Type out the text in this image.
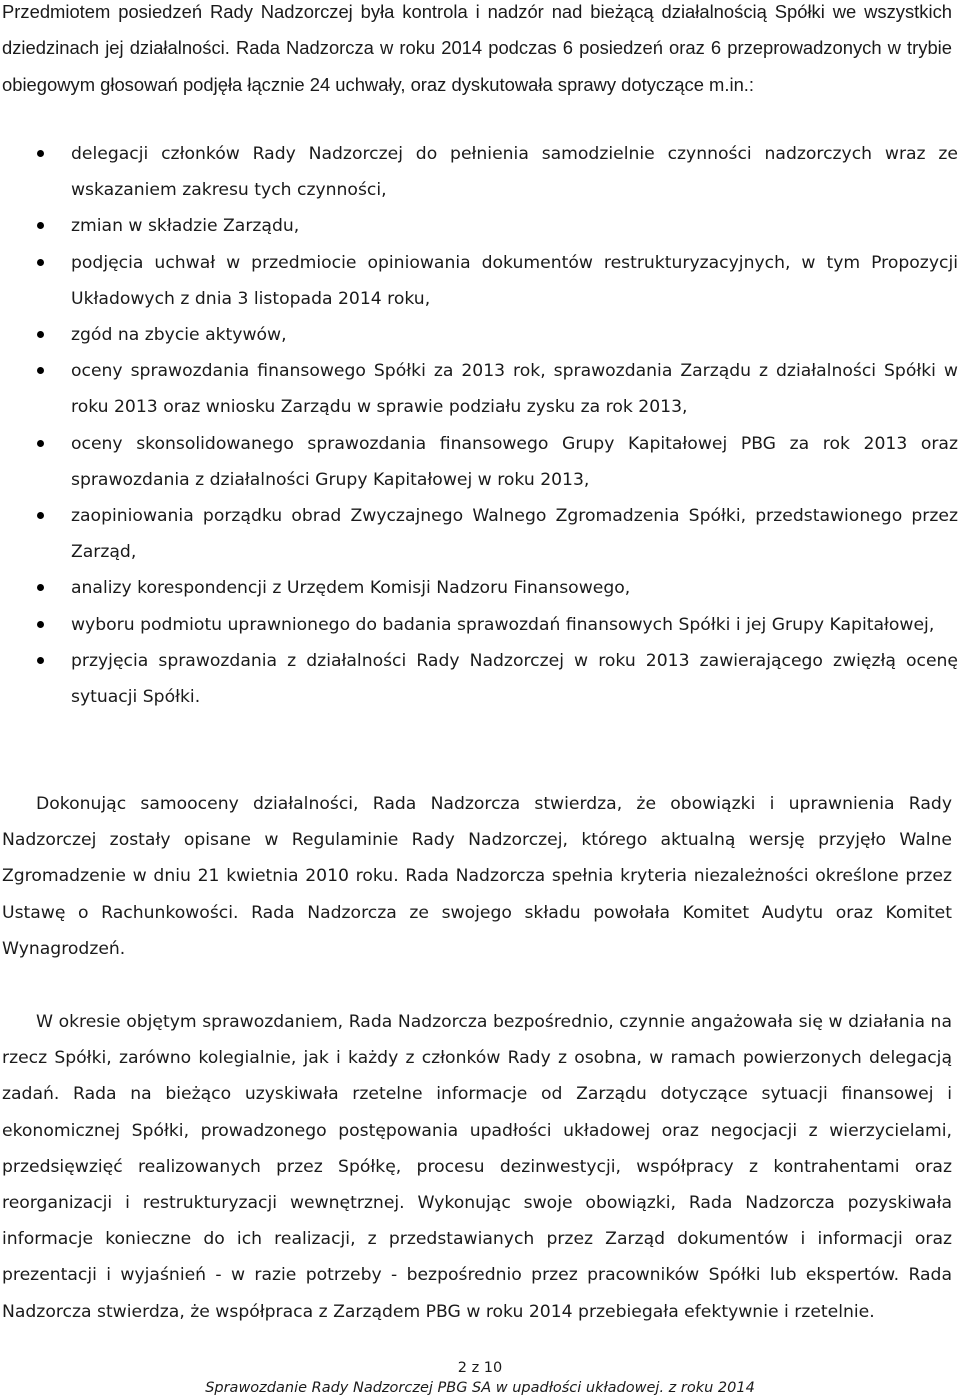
Przedmiotem posiedzeń Rady Nadzorczej była kontrola i nadzór nad bieżącą działalnością Spółki we wszystkich dziedzinach jej działalności. Rada Nadzorcza w roku 2014 podczas 6 posiedzeń oraz 6 przeprowadzonych w trybie obiegowym głosowań podjęła łącznie 24 uchwały, oraz dyskutowała sprawy dotyczące m.in.:

delegacji członków Rady Nadzorczej do pełnienia samodzielnie czynności nadzorczych wraz ze wskazaniem zakresu tych czynności,
zmian w składzie Zarządu,
podjęcia uchwał w przedmiocie opiniowania dokumentów restrukturyzacyjnych, w tym Propozycji Układowych z dnia 3 listopada 2014 roku,
zgód na zbycie aktywów,
oceny sprawozdania finansowego Spółki za 2013 rok, sprawozdania Zarządu z działalności Spółki w roku 2013 oraz wniosku Zarządu w sprawie podziału zysku za rok 2013,
oceny skonsolidowanego sprawozdania finansowego Grupy Kapitałowej PBG za rok 2013 oraz sprawozdania z działalności Grupy Kapitałowej w roku 2013,
zaopiniowania porządku obrad Zwyczajnego Walnego Zgromadzenia Spółki, przedstawionego przez Zarząd,
analizy korespondencji z Urzędem Komisji Nadzoru Finansowego,
wyboru podmiotu uprawnionego do badania sprawozdań finansowych Spółki i jej Grupy Kapitałowej,
przyjęcia sprawozdania z działalności Rady Nadzorczej w roku 2013 zawierającego zwięzłą ocenę sytuacji Spółki.

Dokonując samooceny działalności, Rada Nadzorcza stwierdza, że obowiązki i uprawnienia Rady Nadzorczej zostały opisane w Regulaminie Rady Nadzorczej, którego aktualną wersję przyjęło Walne Zgromadzenie w dniu 21 kwietnia 2010 roku. Rada Nadzorcza spełnia kryteria niezależności określone przez Ustawę o Rachunkowości. Rada Nadzorcza ze swojego składu powołała Komitet Audytu oraz Komitet Wynagrodzeń.

W okresie objętym sprawozdaniem, Rada Nadzorcza bezpośrednio, czynnie angażowała się w działania na rzecz Spółki, zarówno kolegialnie, jak i każdy z członków Rady z osobna, w ramach powierzonych delegacją zadań. Rada na bieżąco uzyskiwała rzetelne informacje od Zarządu dotyczące sytuacji finansowej i ekonomicznej Spółki, prowadzonego postępowania upadłości układowej oraz negocjacji z wierzycielami, przedsięwzięć realizowanych przez Spółkę, procesu dezinwestycji, współpracy z kontrahentami oraz reorganizacji i restrukturyzacji wewnętrznej. Wykonując swoje obowiązki, Rada Nadzorcza pozyskiwała informacje konieczne do ich realizacji, z przedstawianych przez Zarząd dokumentów i informacji oraz prezentacji i wyjaśnień - w razie potrzeby - bezpośrednio przez pracowników Spółki lub ekspertów. Rada Nadzorcza stwierdza, że współpraca z Zarządem PBG w roku 2014 przebiegała efektywnie i rzetelnie.

2 z 10
Sprawozdanie Rady Nadzorczej PBG SA w upadłości układowej. z roku 2014
